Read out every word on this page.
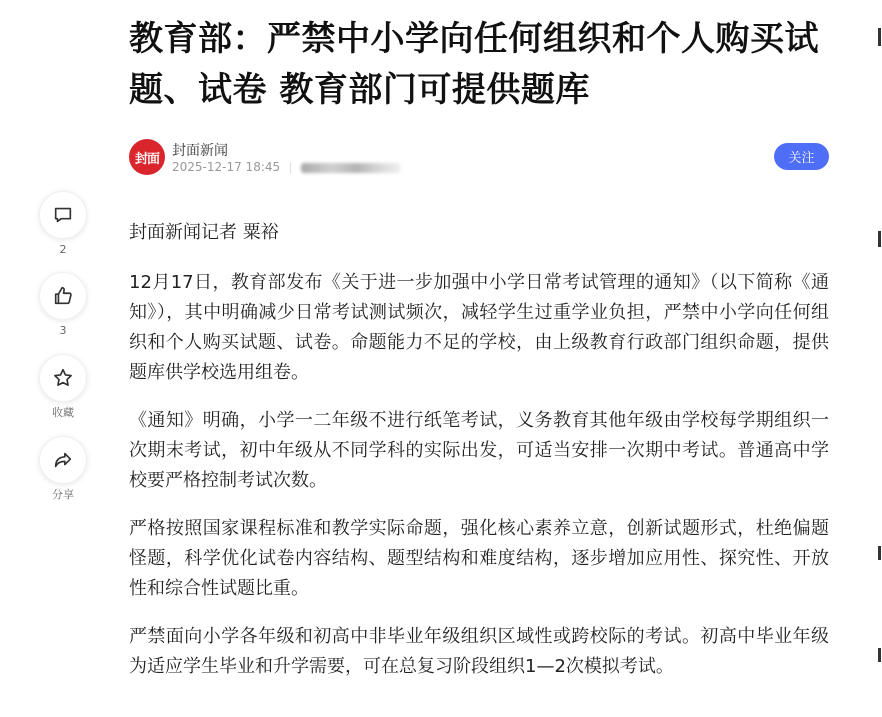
教育部：严禁中小学向任何组织和个人购买试题、试卷 教育部门可提供题库
封面 封面新闻
2025-12-17 18:45
关注
2
3
收藏
分享

封面新闻记者 粟裕

12月17日，教育部发布《关于进一步加强中小学日常考试管理的通知》（以下简称《通知》），其中明确减少日常考试测试频次，减轻学生过重学业负担，严禁中小学向任何组织和个人购买试题、试卷。命题能力不足的学校，由上级教育行政部门组织命题，提供题库供学校选用组卷。

《通知》明确，小学一二年级不进行纸笔考试，义务教育其他年级由学校每学期组织一次期末考试，初中年级从不同学科的实际出发，可适当安排一次期中考试。普通高中学校要严格控制考试次数。

严格按照国家课程标准和教学实际命题，强化核心素养立意，创新试题形式，杜绝偏题怪题，科学优化试卷内容结构、题型结构和难度结构，逐步增加应用性、探究性、开放性和综合性试题比重。

严禁面向小学各年级和初高中非毕业年级组织区域性或跨校际的考试。初高中毕业年级为适应学生毕业和升学需要，可在总复习阶段组织1—2次模拟考试。
